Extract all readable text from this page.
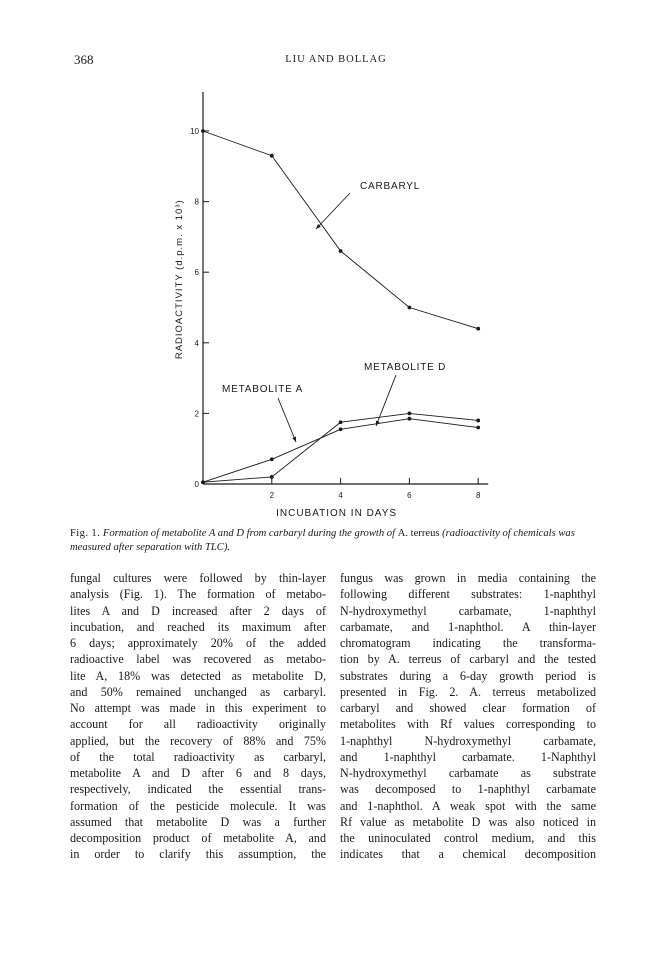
368	LIU AND BOLLAG
0
2
4
6
8
10
2	4	6	8
INCUBATION IN DAYS
RADIOACTIVITY (d.p.m. x 10³)
CARBARYL
METABOLITE A
METABOLITE D
Fig. 1. Formation of metabolite A and D from carbaryl during the growth of A. terreus (radioactivity of chemicals was measured after separation with TLC).
fungal cultures were followed by thin-layer
analysis (Fig. 1). The formation of metabo-
lites A and D increased after 2 days of
incubation, and reached its maximum after
6 days; approximately 20% of the added
radioactive label was recovered as metabo-
lite A, 18% was detected as metabolite D,
and 50% remained unchanged as carbaryl.
No attempt was made in this experiment to
account for all radioactivity originally
applied, but the recovery of 88% and 75%
of the total radioactivity as carbaryl,
metabolite A and D after 6 and 8 days,
respectively, indicated the essential trans-
formation of the pesticide molecule. It was
assumed that metabolite D was a further
decomposition product of metabolite A, and
in order to clarify this assumption, the
fungus was grown in media containing the
following different substrates: 1-naphthyl
N-hydroxymethyl carbamate, 1-naphthyl
carbamate, and 1-naphthol. A thin-layer
chromatogram indicating the transforma-
tion by A. terreus of carbaryl and the tested
substrates during a 6-day growth period is
presented in Fig. 2. A. terreus metabolized
carbaryl and showed clear formation of
metabolites with Rf values corresponding to
1-naphthyl N-hydroxymethyl carbamate,
and 1-naphthyl carbamate. 1-Naphthyl
N-hydroxymethyl carbamate as substrate
was decomposed to 1-naphthyl carbamate
and 1-naphthol. A weak spot with the same
Rf value as metabolite D was also noticed in
the uninoculated control medium, and this
indicates that a chemical decomposition
